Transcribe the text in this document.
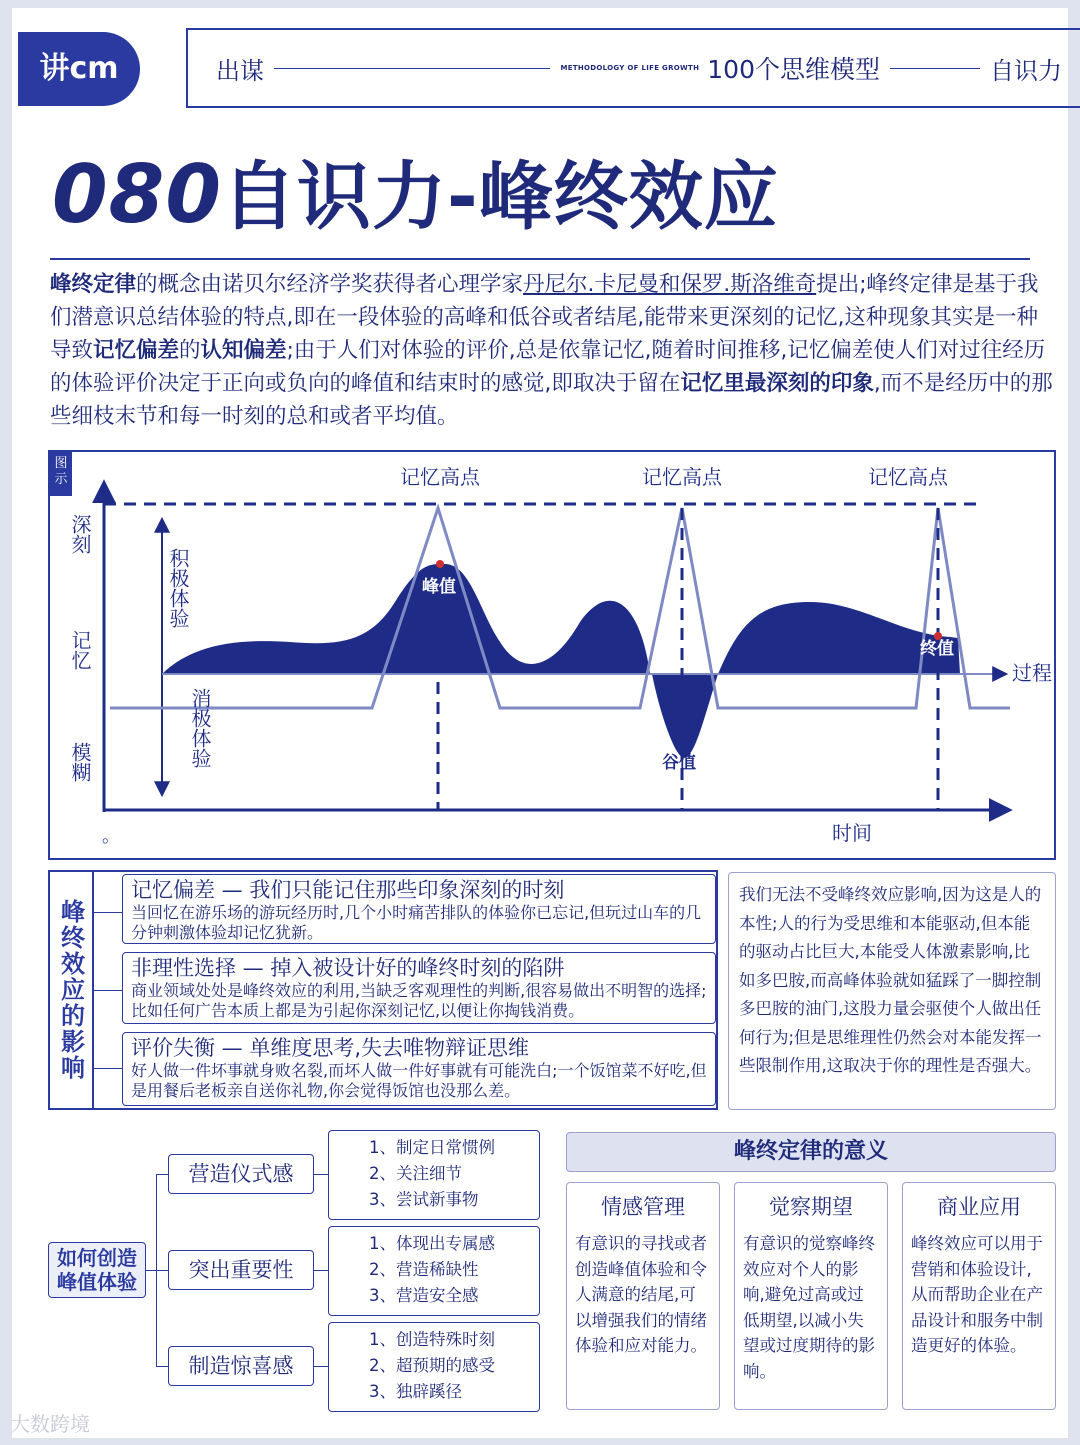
讲cm	出谋	METHODOLOGY OF LIFE GROWTH 100个思维模型	自识力
080自识力-峰终效应
峰终定律的概念由诺贝尔经济学奖获得者心理学家丹尼尔.卡尼曼和保罗.斯洛维奇提出;峰终定律是基于我们潜意识总结体验的特点,即在一段体验的高峰和低谷或者结尾,能带来更深刻的记忆,这种现象其实是一种导致记忆偏差的认知偏差;由于人们对体验的评价,总是依靠记忆,随着时间推移,记忆偏差使人们对过往经历的体验评价决定于正向或负向的峰值和结束时的感觉,即取决于留在记忆里最深刻的印象,而不是经历中的那些细枝末节和每一时刻的总和或者平均值。
图示
深刻
记忆
模糊
积极体验
消极体验
记忆高点	记忆高点	记忆高点
峰值
谷值
终值
过程
时间
。
峰终效应的影响
记忆偏差 — 我们只能记住那些印象深刻的时刻
当回忆在游乐场的游玩经历时,几个小时痛苦排队的体验你已忘记,但玩过山车的几分钟刺激体验却记忆犹新。
非理性选择 — 掉入被设计好的峰终时刻的陷阱
商业领域处处是峰终效应的利用,当缺乏客观理性的判断,很容易做出不明智的选择;比如任何广告本质上都是为引起你深刻记忆,以便让你掏钱消费。
评价失衡 — 单维度思考,失去唯物辩证思维
好人做一件坏事就身败名裂,而坏人做一件好事就有可能洗白;一个饭馆菜不好吃,但是用餐后老板亲自送你礼物,你会觉得饭馆也没那么差。
我们无法不受峰终效应影响,因为这是人的本性;人的行为受思维和本能驱动,但本能的驱动占比巨大,本能受人体激素影响,比如多巴胺,而高峰体验就如猛踩了一脚控制多巴胺的油门,这股力量会驱使个人做出任何行为;但是思维理性仍然会对本能发挥一些限制作用,这取决于你的理性是否强大。
如何创造峰值体验
营造仪式感
突出重要性
制造惊喜感
1、制定日常惯例
2、关注细节
3、尝试新事物
1、体现出专属感
2、营造稀缺性
3、营造安全感
1、创造特殊时刻
2、超预期的感受
3、独辟蹊径
峰终定律的意义
情感管理
有意识的寻找或者创造峰值体验和令人满意的结尾,可以增强我们的情绪体验和应对能力。
觉察期望
有意识的觉察峰终效应对个人的影响,避免过高或过低期望,以减小失望或过度期待的影响。
商业应用
峰终效应可以用于营销和体验设计,从而帮助企业在产品设计和服务中制造更好的体验。
大数跨境
